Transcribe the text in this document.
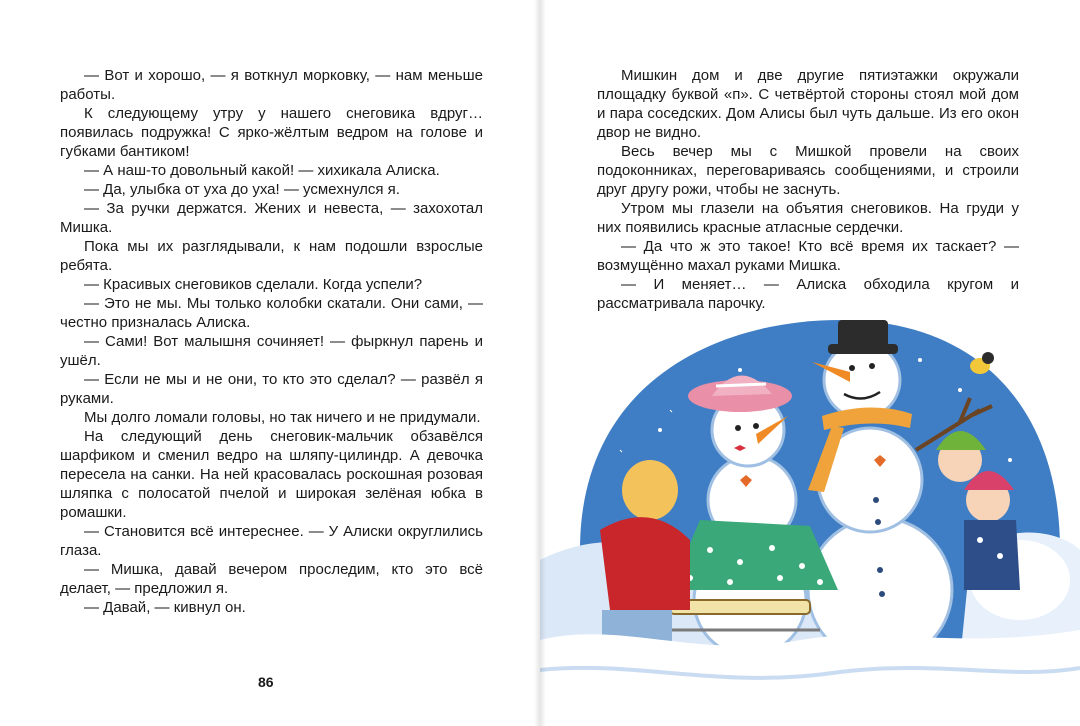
— Вот и хорошо, — я воткнул морковку, — нам меньше работы.

К следующему утру у нашего снеговика вдруг… появилась подружка! С ярко-жёлтым ведром на голове и губками бантиком!

— А наш-то довольный какой! — хихикала Алиска.

— Да, улыбка от уха до уха! — усмехнулся я.

— За ручки держатся. Жених и невеста, — захохотал Мишка.

Пока мы их разглядывали, к нам подошли взрослые ребята.

— Красивых снеговиков сделали. Когда успели?

— Это не мы. Мы только колобки скатали. Они сами, — честно призналась Алиска.

— Сами! Вот малышня сочиняет! — фыркнул парень и ушёл.

— Если не мы и не они, то кто это сделал? — развёл я руками.

Мы долго ломали головы, но так ничего и не придумали.

На следующий день снеговик-мальчик обзавёлся шарфиком и сменил ведро на шляпу-цилиндр. А девочка пересела на санки. На ней красовалась роскошная розовая шляпка с полосатой пчелой и широкая зелёная юбка в ромашки.

— Становится всё интереснее. — У Алиски округлились глаза.

— Мишка, давай вечером проследим, кто это всё делает, — предложил я.

— Давай, — кивнул он.

86

Мишкин дом и две другие пятиэтажки окружали площадку буквой «п». С четвёртой стороны стоял мой дом и пара соседских. Дом Алисы был чуть дальше. Из его окон двор не видно.

Весь вечер мы с Мишкой провели на своих подоконниках, переговариваясь сообщениями, и строили друг другу рожи, чтобы не заснуть.

Утром мы глазели на объятия снеговиков. На груди у них появились красные атласные сердечки.

— Да что ж это такое! Кто всё время их таскает? — возмущённо махал руками Мишка.

— И меняет… — Алиска обходила кругом и рассматривала парочку.
